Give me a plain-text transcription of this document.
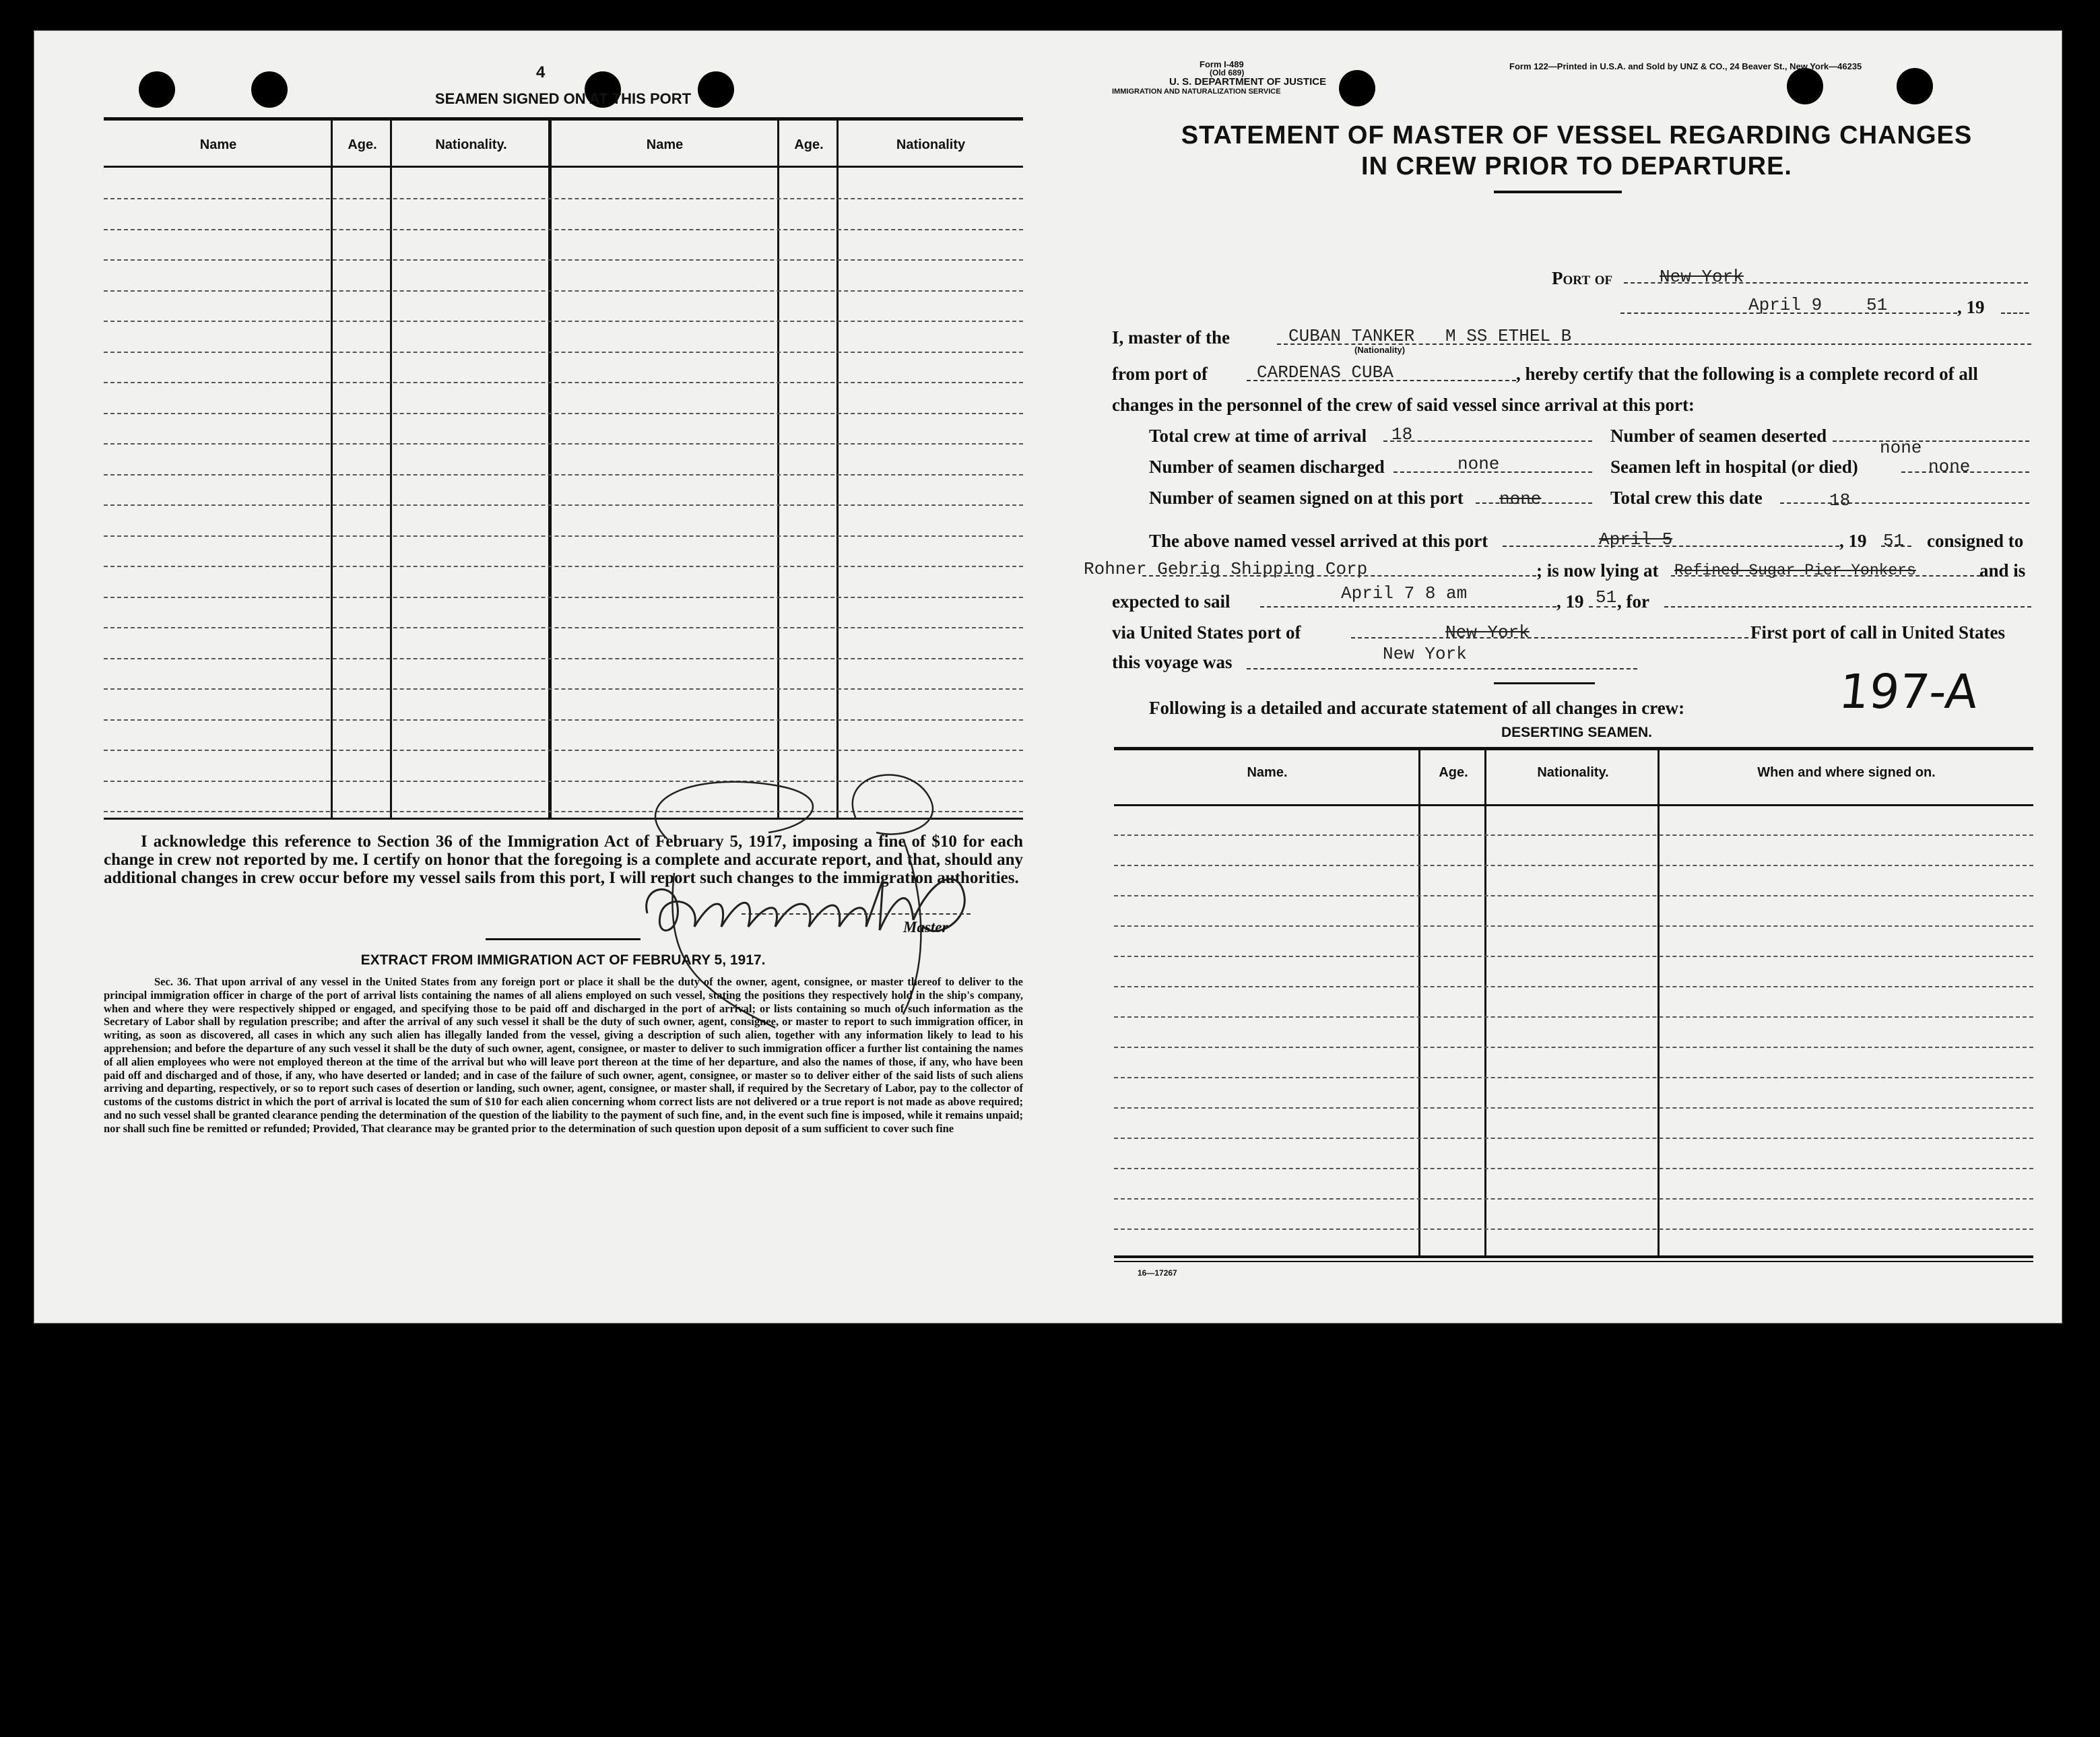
4
SEAMEN SIGNED ON AT THIS PORT
Name	Age.	Nationality.	Name	Age.	Nationality
I acknowledge this reference to Section 36 of the Immigration Act of February 5, 1917, imposing a fine of $10 for each change in crew not reported by me. I certify on honor that the foregoing is a complete and accurate report, and that, should any additional changes in crew occur before my vessel sails from this port, I will report such changes to the immigration authorities.
Master
EXTRACT FROM IMMIGRATION ACT OF FEBRUARY 5, 1917.
Sec. 36. That upon arrival of any vessel in the United States from any foreign port or place it shall be the duty of the owner, agent, consignee, or master thereof to deliver to the principal immigration officer in charge of the port of arrival lists containing the names of all aliens employed on such vessel, stating the positions they respectively hold in the ship's company, when and where they were respectively shipped or engaged, and specifying those to be paid off and discharged in the port of arrival; or lists containing so much of such information as the Secretary of Labor shall by regulation prescribe; and after the arrival of any such vessel it shall be the duty of such owner, agent, consignee, or master to report to such immigration officer, in writing, as soon as discovered, all cases in which any such alien has illegally landed from the vessel, giving a description of such alien, together with any information likely to lead to his apprehension; and before the departure of any such vessel it shall be the duty of such owner, agent, consignee, or master to deliver to such immigration officer a further list containing the names of all alien employees who were not employed thereon at the time of the arrival but who will leave port thereon at the time of her departure, and also the names of those, if any, who have been paid off and discharged and of those, if any, who have deserted or landed; and in case of the failure of such owner, agent, consignee, or master so to deliver either of the said lists of such aliens arriving and departing, respectively, or so to report such cases of desertion or landing, such owner, agent, consignee, or master shall, if required by the Secretary of Labor, pay to the collector of customs of the customs district in which the port of arrival is located the sum of $10 for each alien concerning whom correct lists are not delivered or a true report is not made as above required; and no such vessel shall be granted clearance pending the determination of the question of the liability to the payment of such fine, and, in the event such fine is imposed, while it remains unpaid; nor shall such fine be remitted or refunded; Provided, That clearance may be granted prior to the determination of such question upon deposit of a sum sufficient to cover such fine
Form I-489
(Old 689)
U. S. DEPARTMENT OF JUSTICE
IMMIGRATION AND NATURALIZATION SERVICE
Form 122—Printed in U.S.A. and Sold by UNZ & CO., 24 Beaver St., New York—46235
STATEMENT OF MASTER OF VESSEL REGARDING CHANGES
IN CREW PRIOR TO DEPARTURE.
Port of	New York
April 9	51	, 19
I, master of the	CUBAN TANKER M SS ETHEL B
(Nationality)
from port of	CARDENAS CUBA	, hereby certify that the following is a complete record of all
changes in the personnel of the crew of said vessel since arrival at this port:
Total crew at time of arrival 18	Number of seamen deserted
none
Number of seamen discharged	none	Seamen left in hospital (or died)	none
Number of seamen signed on at this port none	Total crew this date	18
The above named vessel arrived at this port	April 5	, 19 51 consigned to
Rohner Gebrig Shipping Corp	; is now lying at Refined Sugar Pier Yonkers	and is
expected to sail	April 7 8 am	, 19 51 , for
via United States port of	New York	First port of call in United States
this voyage was	New York
197-A
Following is a detailed and accurate statement of all changes in crew:
DESERTING SEAMEN.
Name.	Age.	Nationality.	When and where signed on.
16—17267
